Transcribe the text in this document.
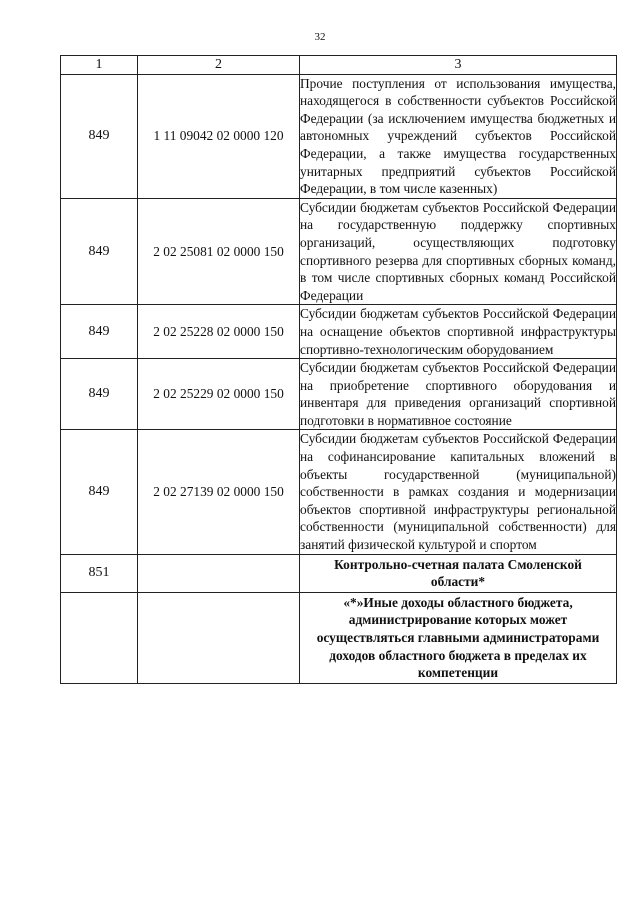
32
1	2	3
849	1 11 09042 02 0000 120	Прочие поступления от использования имущества, находящегося в собственности субъектов Российской Федерации (за исключением имущества бюджетных и автономных учреждений субъектов Российской Федерации, а также имущества государственных унитарных предприятий субъектов Российской Федерации, в том числе казенных)
849	2 02 25081 02 0000 150	Субсидии бюджетам субъектов Российской Федерации на государственную поддержку спортивных организаций, осуществляющих подготовку спортивного резерва для спортивных сборных команд, в том числе спортивных сборных команд Российской Федерации
849	2 02 25228 02 0000 150	Субсидии бюджетам субъектов Российской Федерации на оснащение объектов спортивной инфраструктуры спортивно-технологическим оборудованием
849	2 02 25229 02 0000 150	Субсидии бюджетам субъектов Российской Федерации на приобретение спортивного оборудования и инвентаря для приведения организаций спортивной подготовки в нормативное состояние
849	2 02 27139 02 0000 150	Субсидии бюджетам субъектов Российской Федерации на софинансирование капитальных вложений в объекты государственной (муниципальной) собственности в рамках создания и модернизации объектов спортивной инфраструктуры региональной собственности (муниципальной собственности) для занятий физической культурой и спортом
851		Контрольно-счетная палата Смоленской области*
		«*»Иные доходы областного бюджета, администрирование которых может осуществляться главными администраторами доходов областного бюджета в пределах их компетенции
